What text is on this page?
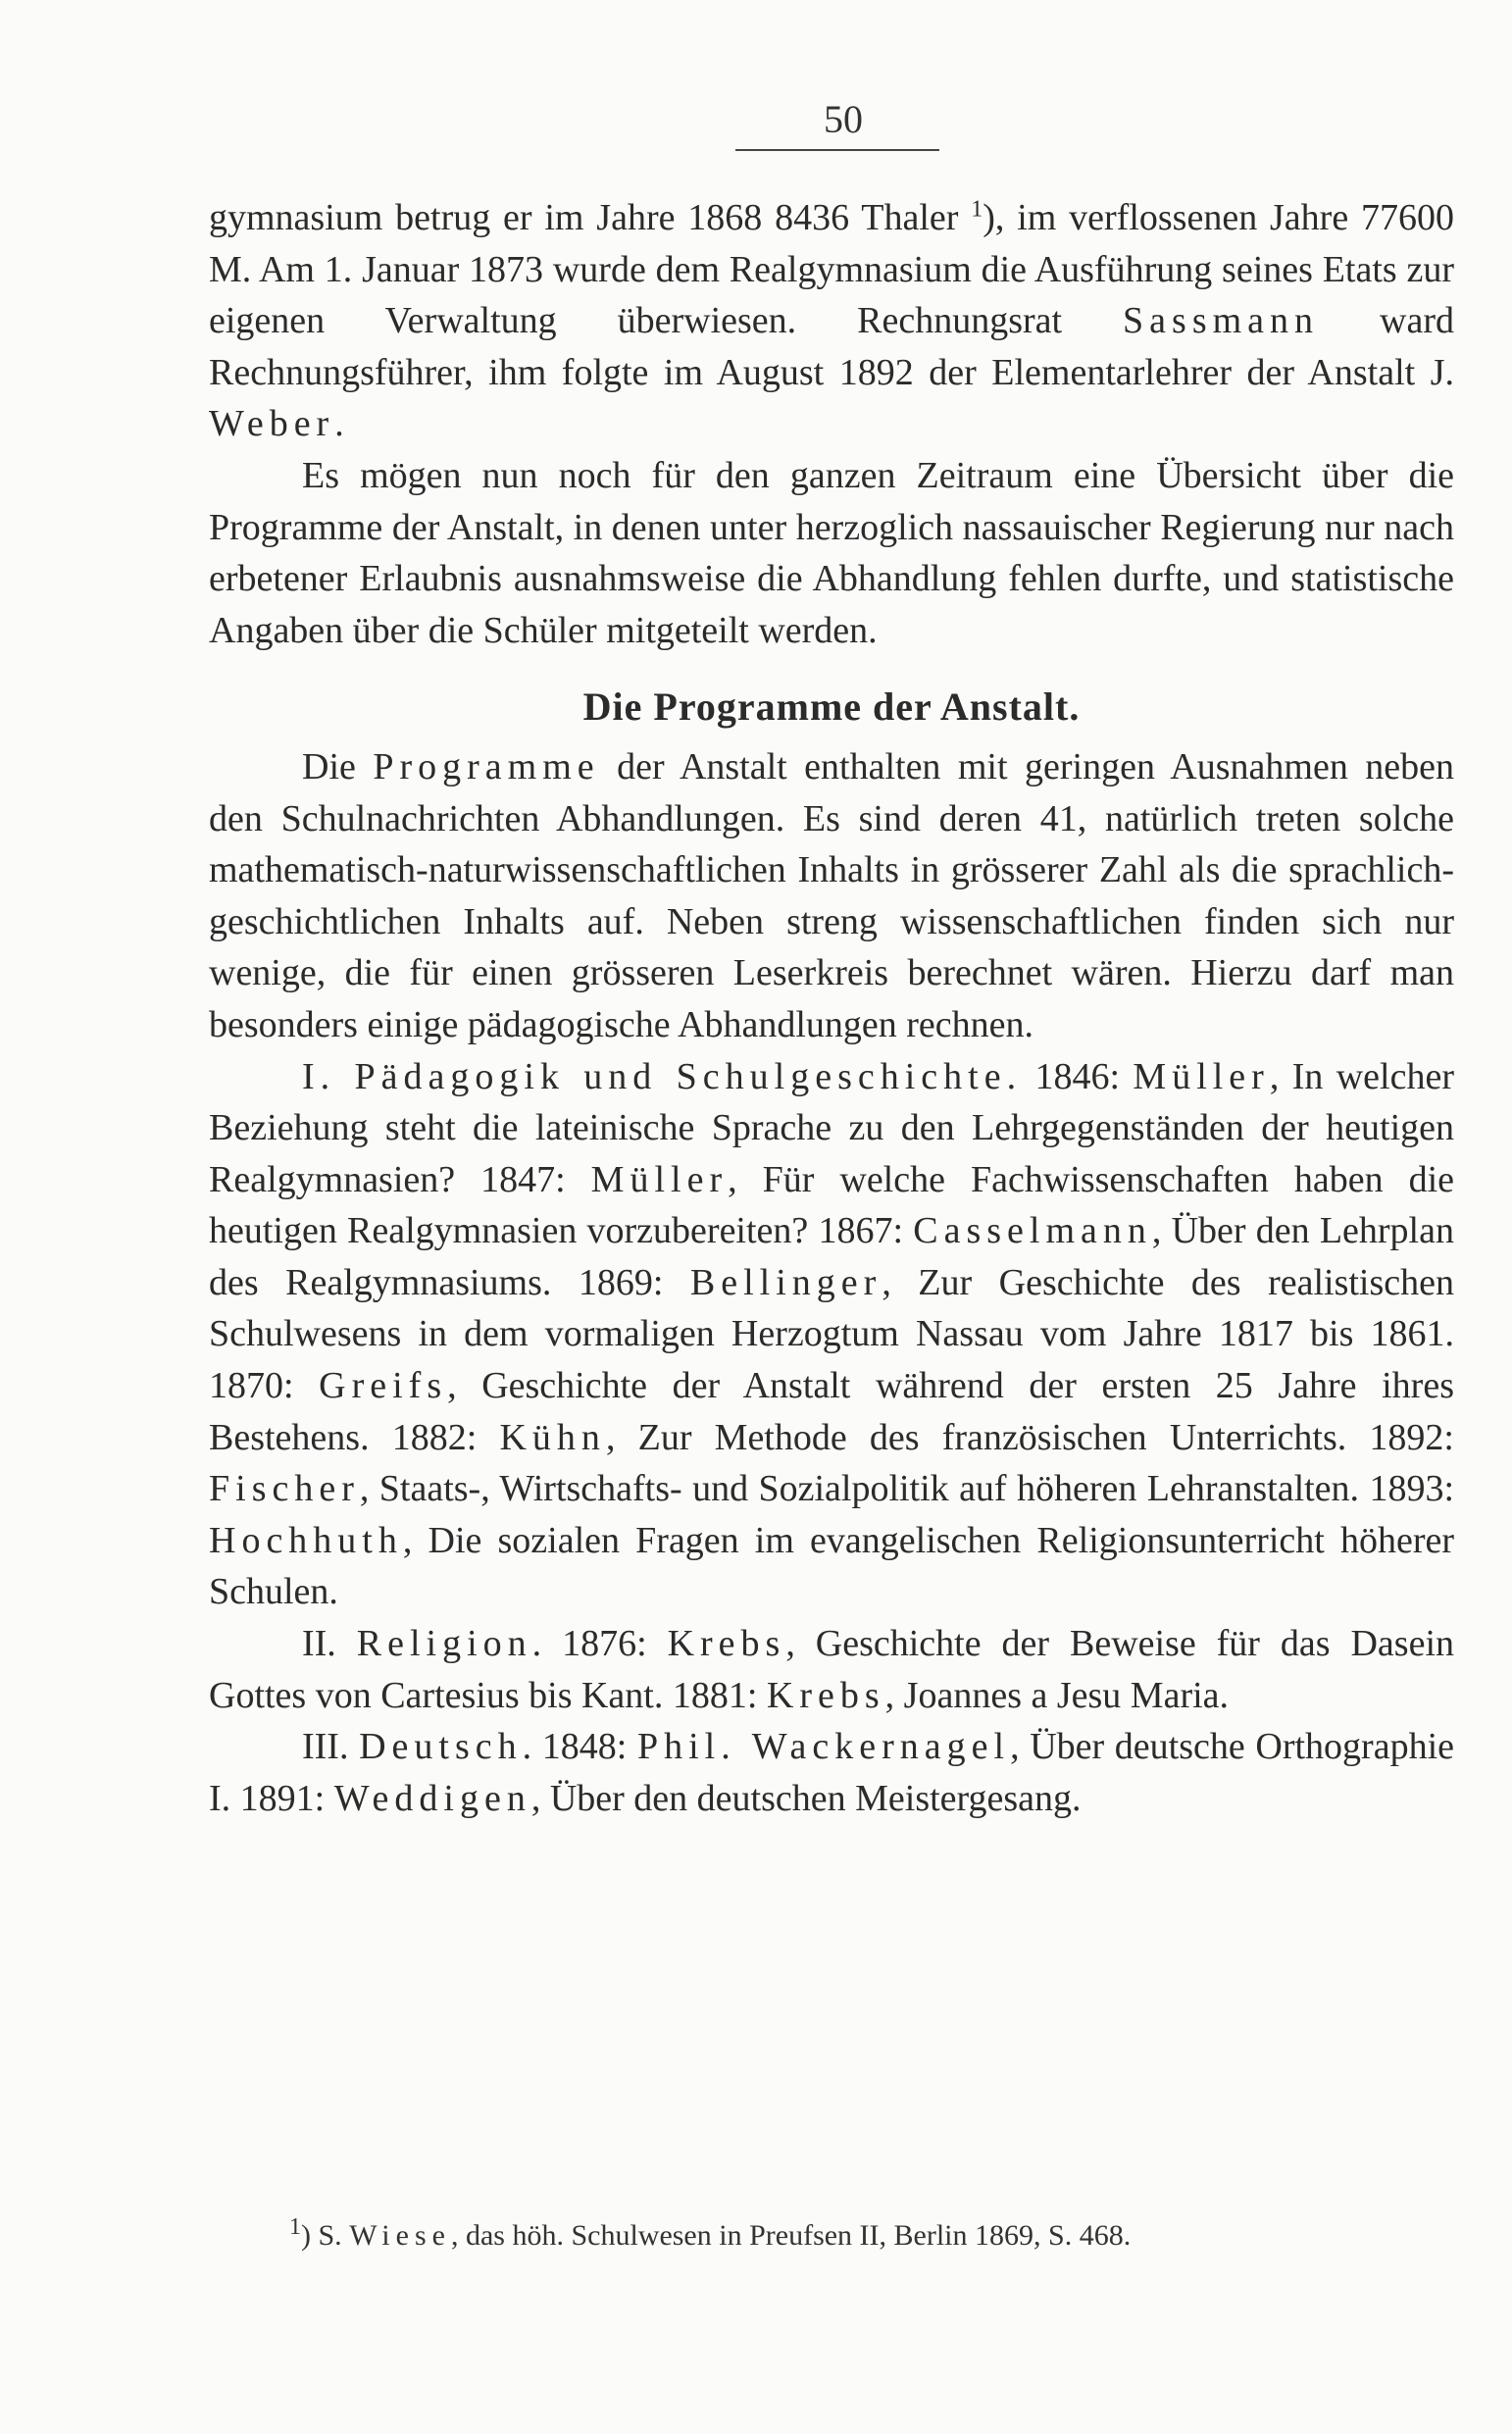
50

gymnasium betrug er im Jahre 1868 8436 Thaler $^1$), im verflossenen Jahre 77600 M. Am 1. Januar 1873 wurde dem Realgymnasium die Ausführung seines Etats zur eigenen Verwaltung überwiesen. Rechnungsrat Sassmann ward Rechnungsführer, ihm folgte im August 1892 der Elementarlehrer der Anstalt J. Weber.

Es mögen nun noch für den ganzen Zeitraum eine Übersicht über die Programme der Anstalt, in denen unter herzoglich nassauischer Regierung nur nach erbetener Erlaubnis ausnahmsweise die Abhandlung fehlen durfte, und statistische Angaben über die Schüler mitgeteilt werden.

Die Programme der Anstalt.

Die Programme der Anstalt enthalten mit geringen Ausnahmen neben den Schulnachrichten Abhandlungen. Es sind deren 41, natürlich treten solche mathematisch-naturwissenschaftlichen Inhalts in grösserer Zahl als die sprachlich-geschichtlichen Inhalts auf. Neben streng wissenschaftlichen finden sich nur wenige, die für einen grösseren Leserkreis berechnet wären. Hierzu darf man besonders einige pädagogische Abhandlungen rechnen.

I. Pädagogik und Schulgeschichte. 1846: Müller, In welcher Beziehung steht die lateinische Sprache zu den Lehrgegenständen der heutigen Realgymnasien? 1847: Müller, Für welche Fachwissenschaften haben die heutigen Realgymnasien vorzubereiten? 1867: Casselmann, Über den Lehrplan des Realgymnasiums. 1869: Bellinger, Zur Geschichte des realistischen Schulwesens in dem vormaligen Herzogtum Nassau vom Jahre 1817 bis 1861. 1870: Greifs, Geschichte der Anstalt während der ersten 25 Jahre ihres Bestehens. 1882: Kühn, Zur Methode des französischen Unterrichts. 1892: Fischer, Staats-, Wirtschafts- und Sozialpolitik auf höheren Lehranstalten. 1893: Hochhuth, Die sozialen Fragen im evangelischen Religionsunterricht höherer Schulen.

II. Religion. 1876: Krebs, Geschichte der Beweise für das Dasein Gottes von Cartesius bis Kant. 1881: Krebs, Joannes a Jesu Maria.

III. Deutsch. 1848: Phil. Wackernagel, Über deutsche Orthographie I. 1891: Weddigen, Über den deutschen Meistergesang.

$^1$) S. Wiese, das höh. Schulwesen in Preufsen II, Berlin 1869, S. 468.
